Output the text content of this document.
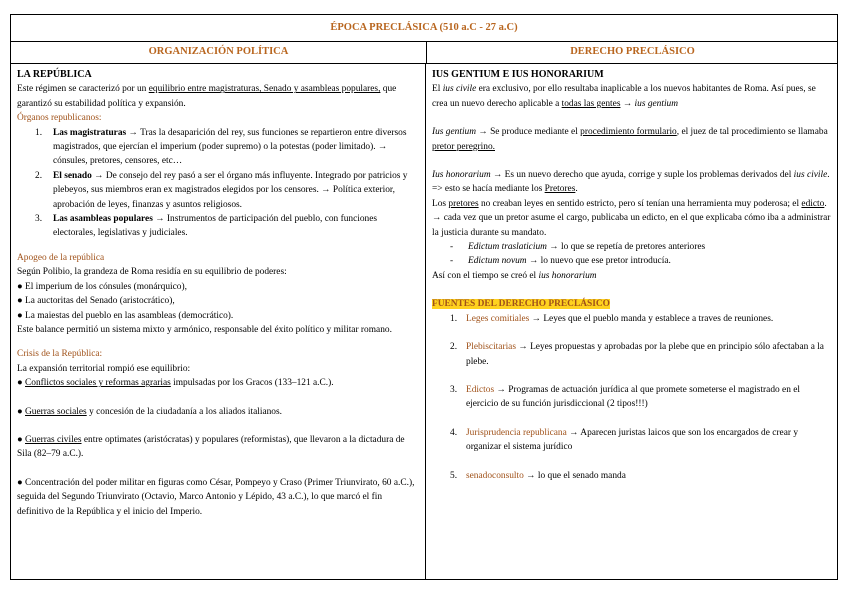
ÉPOCA PRECLÁSICA (510 a.C - 27 a.C)
ORGANIZACIÓN POLÍTICA	DERECHO PRECLÁSICO

LA REPÚBLICA

Este régimen se caracterizó por un equilibrio entre magistraturas, Senado y asambleas populares, que garantizó su estabilidad política y expansión.

Órganos republicanos:

1. Las magistraturas → Tras la desaparición del rey, sus funciones se repartieron entre diversos magistrados, que ejercían el imperium (poder supremo) o la potestas (poder limitado). → cónsules, pretores, censores, etc…
2. El senado → De consejo del rey pasó a ser el órgano más influyente. Integrado por patricios y plebeyos, sus miembros eran ex magistrados elegidos por los censores. → Política exterior, aprobación de leyes, finanzas y asuntos religiosos.
3. Las asambleas populares → Instrumentos de participación del pueblo, con funciones electorales, legislativas y judiciales.

Apogeo de la república

Según Polibio, la grandeza de Roma residía en su equilibrio de poderes:

● El imperium de los cónsules (monárquico),

● La auctoritas del Senado (aristocrático),

● La maiestas del pueblo en las asambleas (democrático).

Este balance permitió un sistema mixto y armónico, responsable del éxito político y militar romano.

Crisis de la República:

La expansión territorial rompió ese equilibrio:

● Conflictos sociales y reformas agrarias impulsadas por los Gracos (133–121 a.C.).

● Guerras sociales y concesión de la ciudadanía a los aliados italianos.

● Guerras civiles entre optimates (aristócratas) y populares (reformistas), que llevaron a la dictadura de Sila (82–79 a.C.).

● Concentración del poder militar en figuras como César, Pompeyo y Craso (Primer Triunvirato, 60 a.C.), seguida del Segundo Triunvirato (Octavio, Marco Antonio y Lépido, 43 a.C.), lo que marcó el fin definitivo de la República y el inicio del Imperio.

IUS GENTIUM E IUS HONORARIUM

El ius civile era exclusivo, por ello resultaba inaplicable a los nuevos habitantes de Roma. Así pues, se crea un nuevo derecho aplicable a todas las gentes → ius gentium

Ius gentium → Se produce mediante el procedimiento formulario, el juez de tal procedimiento se llamaba pretor peregrino.

Ius honorarium → Es un nuevo derecho que ayuda, corrige y suple los problemas derivados del ius civile. => esto se hacía mediante los Pretores.

Los pretores no creaban leyes en sentido estricto, pero sí tenían una herramienta muy poderosa; el edicto. → cada vez que un pretor asume el cargo, publicaba un edicto, en el que explicaba cómo iba a administrar la justicia durante su mandato.

- Edictum traslaticium → lo que se repetía de pretores anteriores
- Edictum novum → lo nuevo que ese pretor introducía.

Así con el tiempo se creó el ius honorarium

FUENTES DEL DERECHO PRECLÁSICO

1. Leges comitiales → Leyes que el pueblo manda y establece a traves de reuniones.
2. Plebiscitarias → Leyes propuestas y aprobadas por la plebe que en principio sólo afectaban a la plebe.
3. Edictos → Programas de actuación jurídica al que promete someterse el magistrado en el ejercicio de su función jurisdiccional (2 tipos!!!)
4. Jurisprudencia republicana → Aparecen juristas laicos que son los encargados de crear y organizar el sistema jurídico
5. senadoconsulto → lo que el senado manda
